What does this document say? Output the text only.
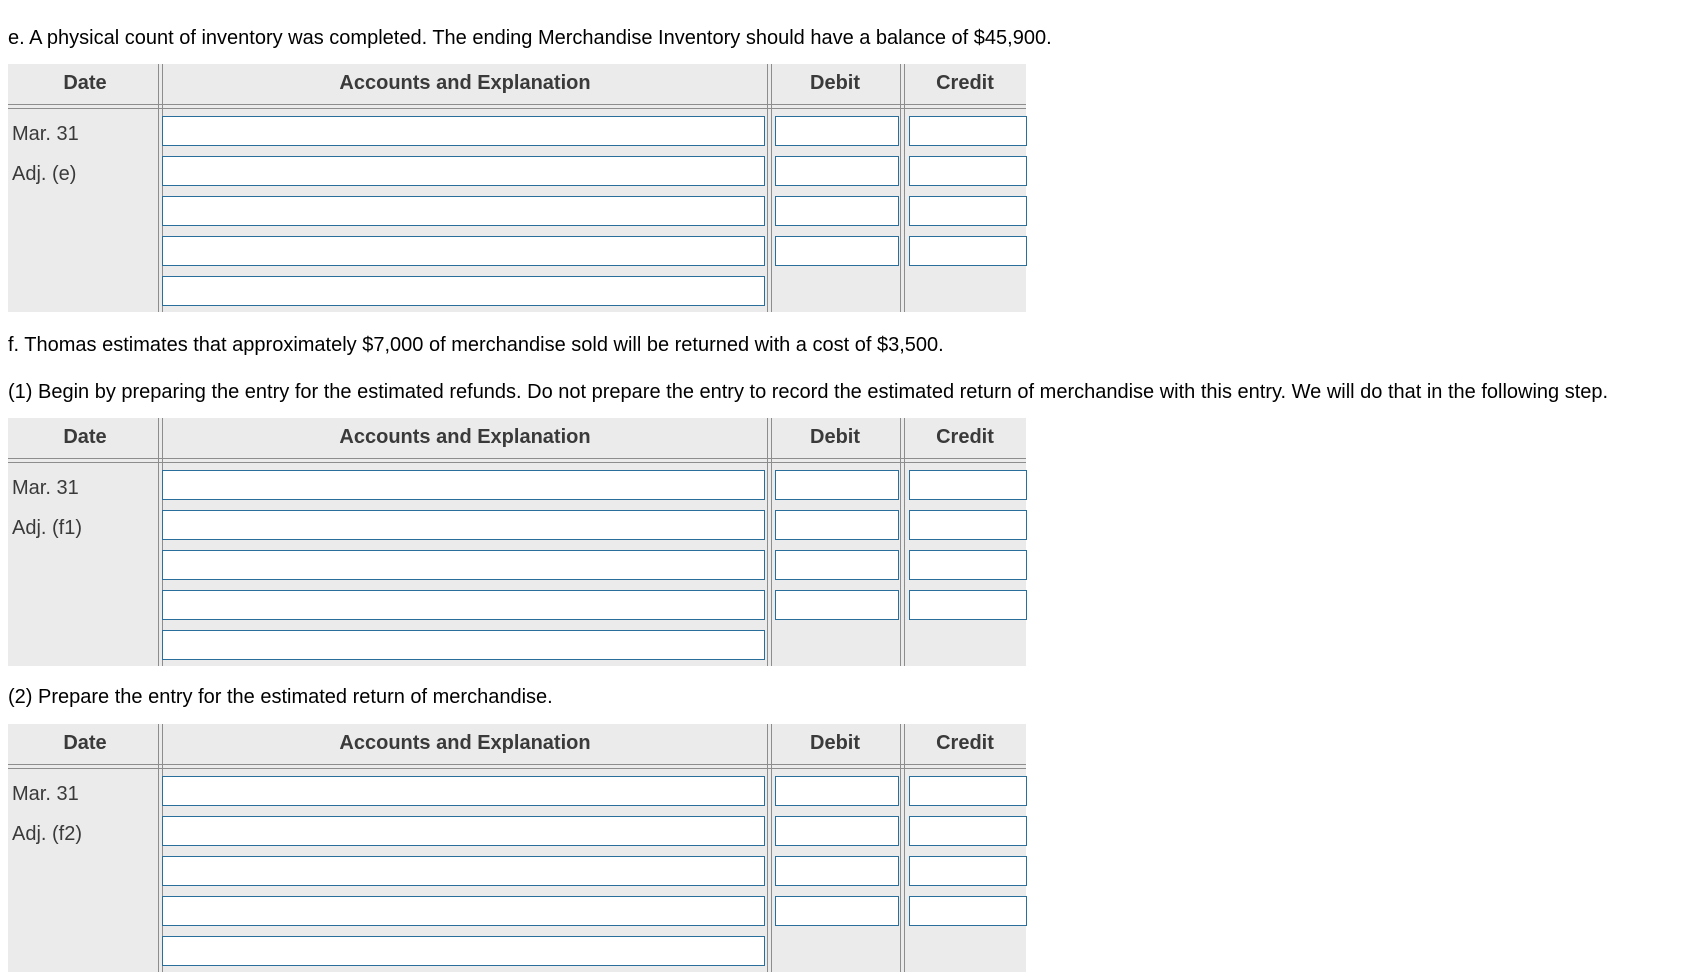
e. A physical count of inventory was completed. The ending Merchandise Inventory should have a balance of $45,900.
Date	Accounts and Explanation	Debit	Credit
Mar. 31
Adj. (e)
f. Thomas estimates that approximately $7,000 of merchandise sold will be returned with a cost of $3,500.
(1) Begin by preparing the entry for the estimated refunds. Do not prepare the entry to record the estimated return of merchandise with this entry. We will do that in the following step.
Date	Accounts and Explanation	Debit	Credit
Mar. 31
Adj. (f1)
(2) Prepare the entry for the estimated return of merchandise.
Date	Accounts and Explanation	Debit	Credit
Mar. 31
Adj. (f2)
